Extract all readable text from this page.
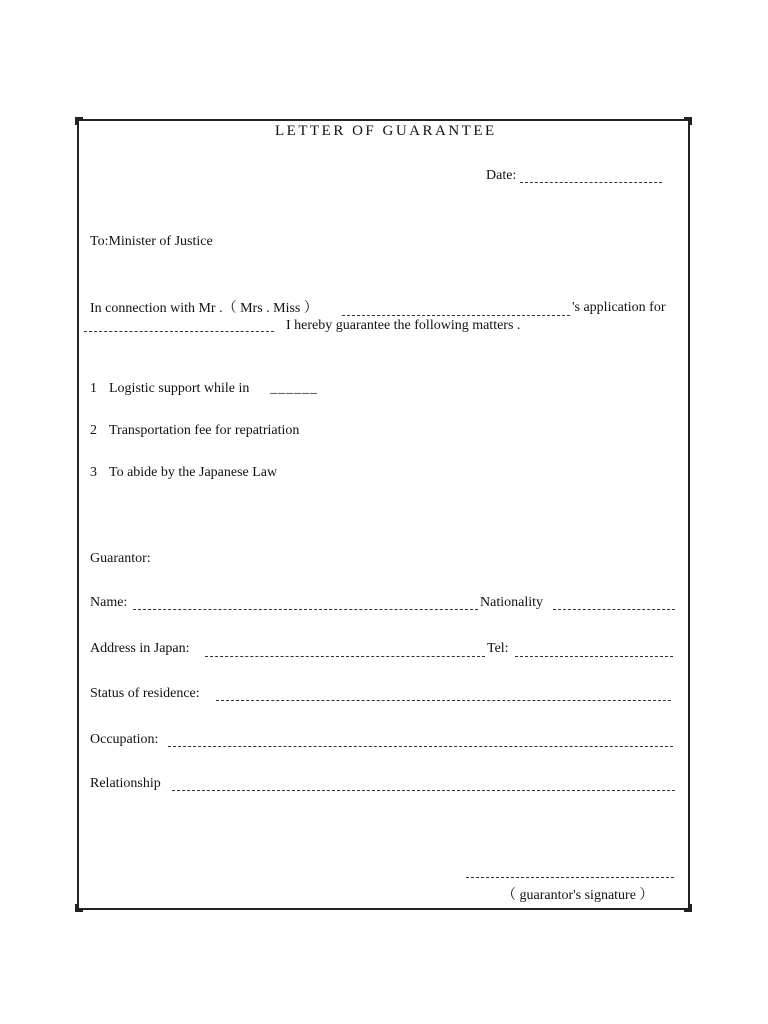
LETTER OF GUARANTEE
Date:
To:Minister of Justice
In connection with Mr .（ Mrs . Miss ）	's application for
I hereby guarantee the following matters .
1 Logistic support while in ______
2 Transportation fee for repatriation
3 To abide by the Japanese Law
Guarantor:
Name:	Nationality
Address in Japan:	Tel:
Status of residence:
Occupation:
Relationship
（ guarantor's signature ）
